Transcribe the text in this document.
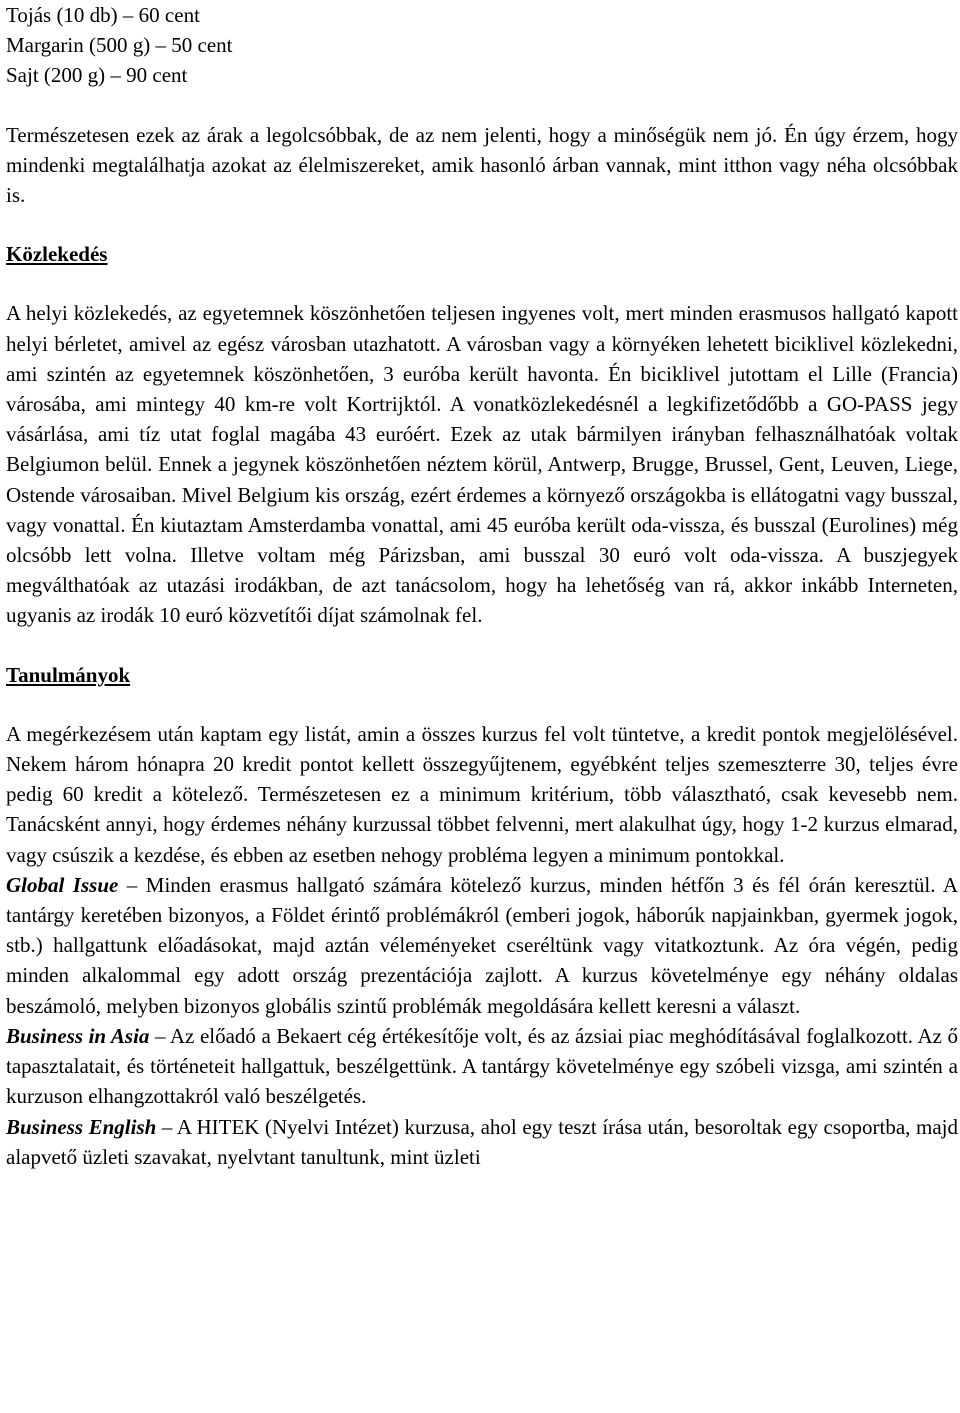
Tojás (10 db) – 60 cent
Margarin (500 g) – 50 cent
Sajt (200 g) – 90 cent

Természetesen ezek az árak a legolcsóbbak, de az nem jelenti, hogy a minőségük nem jó. Én úgy érzem, hogy mindenki megtalálhatja azokat az élelmiszereket, amik hasonló árban vannak, mint itthon vagy néha olcsóbbak is.

Közlekedés

A helyi közlekedés, az egyetemnek köszönhetően teljesen ingyenes volt, mert minden erasmusos hallgató kapott helyi bérletet, amivel az egész városban utazhatott. A városban vagy a környéken lehetett biciklivel közlekedni, ami szintén az egyetemnek köszönhetően, 3 euróba került havonta. Én biciklivel jutottam el Lille (Francia) városába, ami mintegy 40 km-re volt Kortrijktól. A vonatközlekedésnél a legkifizetődőbb a GO-PASS jegy vásárlása, ami tíz utat foglal magába 43 euróért. Ezek az utak bármilyen irányban felhasználhatóak voltak Belgiumon belül. Ennek a jegynek köszönhetően néztem körül, Antwerp, Brugge, Brussel, Gent, Leuven, Liege, Ostende városaiban. Mivel Belgium kis ország, ezért érdemes a környező országokba is ellátogatni vagy busszal, vagy vonattal. Én kiutaztam Amsterdamba vonattal, ami 45 euróba került oda-vissza, és busszal (Eurolines) még olcsóbb lett volna. Illetve voltam még Párizsban, ami busszal 30 euró volt oda-vissza. A buszjegyek megválthatóak az utazási irodákban, de azt tanácsolom, hogy ha lehetőség van rá, akkor inkább Interneten, ugyanis az irodák 10 euró közvetítői díjat számolnak fel.

Tanulmányok

A megérkezésem után kaptam egy listát, amin a összes kurzus fel volt tüntetve, a kredit pontok megjelölésével. Nekem három hónapra 20 kredit pontot kellett összegyűjtenem, egyébként teljes szemeszterre 30, teljes évre pedig 60 kredit a kötelező. Természetesen ez a minimum kritérium, több választható, csak kevesebb nem. Tanácsként annyi, hogy érdemes néhány kurzussal többet felvenni, mert alakulhat úgy, hogy 1-2 kurzus elmarad, vagy csúszik a kezdése, és ebben az esetben nehogy probléma legyen a minimum pontokkal.

Global Issue – Minden erasmus hallgató számára kötelező kurzus, minden hétfőn 3 és fél órán keresztül. A tantárgy keretében bizonyos, a Földet érintő problémákról (emberi jogok, háborúk napjainkban, gyermek jogok, stb.) hallgattunk előadásokat, majd aztán véleményeket cseréltünk vagy vitatkoztunk. Az óra végén, pedig minden alkalommal egy adott ország prezentációja zajlott. A kurzus követelménye egy néhány oldalas beszámoló, melyben bizonyos globális szintű problémák megoldására kellett keresni a választ.

Business in Asia – Az előadó a Bekaert cég értékesítője volt, és az ázsiai piac meghódításával foglalkozott. Az ő tapasztalatait, és történeteit hallgattuk, beszélgettünk. A tantárgy követelménye egy szóbeli vizsga, ami szintén a kurzuson elhangzottakról való beszélgetés.

Business English – A HITEK (Nyelvi Intézet) kurzusa, ahol egy teszt írása után, besoroltak egy csoportba, majd alapvető üzleti szavakat, nyelvtant tanultunk, mint üzleti
